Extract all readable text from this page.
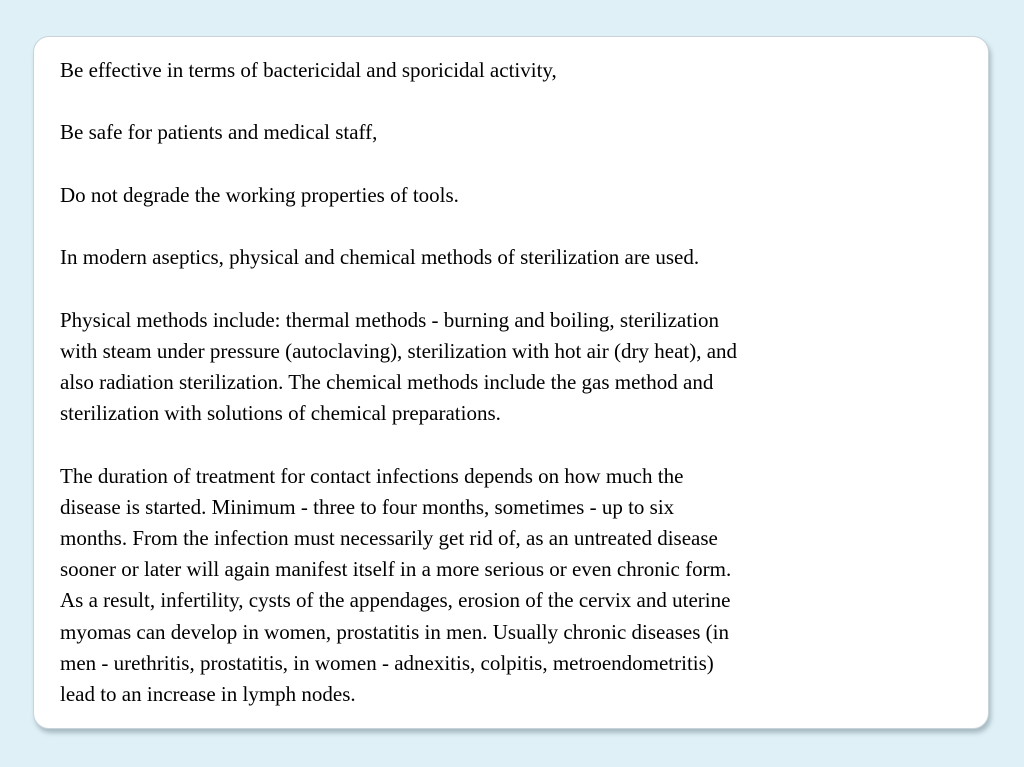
Be effective in terms of bactericidal and sporicidal activity,

Be safe for patients and medical staff,

Do not degrade the working properties of tools.

In modern aseptics, physical and chemical methods of sterilization are used.

Physical methods include: thermal methods - burning and boiling, sterilization
with steam under pressure (autoclaving), sterilization with hot air (dry heat), and
also radiation sterilization. The chemical methods include the gas method and
sterilization with solutions of chemical preparations.

The duration of treatment for contact infections depends on how much the
disease is started. Minimum - three to four months, sometimes - up to six
months. From the infection must necessarily get rid of, as an untreated disease
sooner or later will again manifest itself in a more serious or even chronic form.
As a result, infertility, cysts of the appendages, erosion of the cervix and uterine
myomas can develop in women, prostatitis in men. Usually chronic diseases (in
men - urethritis, prostatitis, in women - adnexitis, colpitis, metroendometritis)
lead to an increase in lymph nodes.
